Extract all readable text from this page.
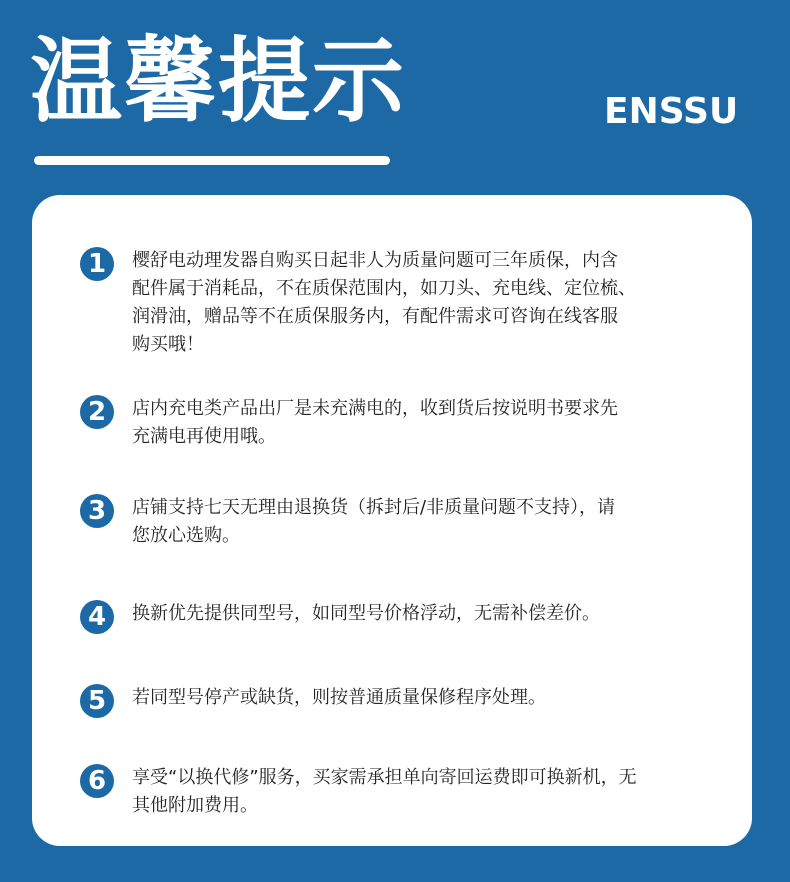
温馨提示	ENSSU
1	樱舒电动理发器自购买日起非人为质量问题可三年质保，内含
配件属于消耗品，不在质保范围内，如刀头、充电线、定位梳、
润滑油，赠品等不在质保服务内，有配件需求可咨询在线客服
购买哦！
2	店内充电类产品出厂是未充满电的，收到货后按说明书要求先
充满电再使用哦。
3	店铺支持七天无理由退换货（拆封后/非质量问题不支持），请
您放心选购。
4	换新优先提供同型号，如同型号价格浮动，无需补偿差价。
5	若同型号停产或缺货，则按普通质量保修程序处理。
6	享受“以换代修”服务，买家需承担单向寄回运费即可换新机，无
其他附加费用。
